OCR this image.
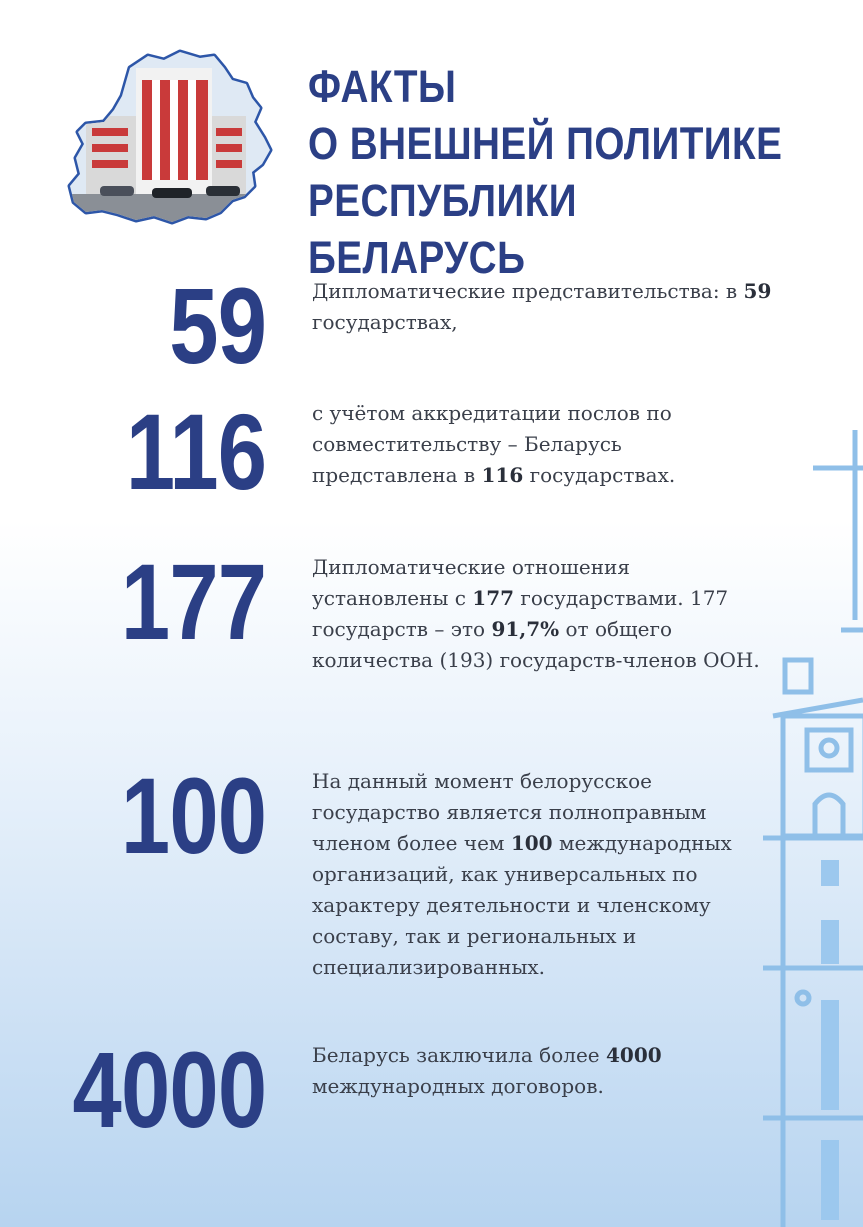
ФАКТЫ
О ВНЕШНЕЙ ПОЛИТИКЕ
РЕСПУБЛИКИ БЕЛАРУСЬ
59 Дипломатические представительства: в 59 государствах,
116 с учётом аккредитации послов по совместительству – Беларусь представлена в 116 государствах.
177 Дипломатические отношения установлены с 177 государствами. 177 государств – это 91,7% от общего количества (193) государств-членов ООН.
100 На данный момент белорусское государство является полноправным членом более чем 100 международных организаций, как универсальных по характеру деятельности и членскому составу, так и региональных и специализированных.
4000 Беларусь заключила более 4000 международных договоров.
